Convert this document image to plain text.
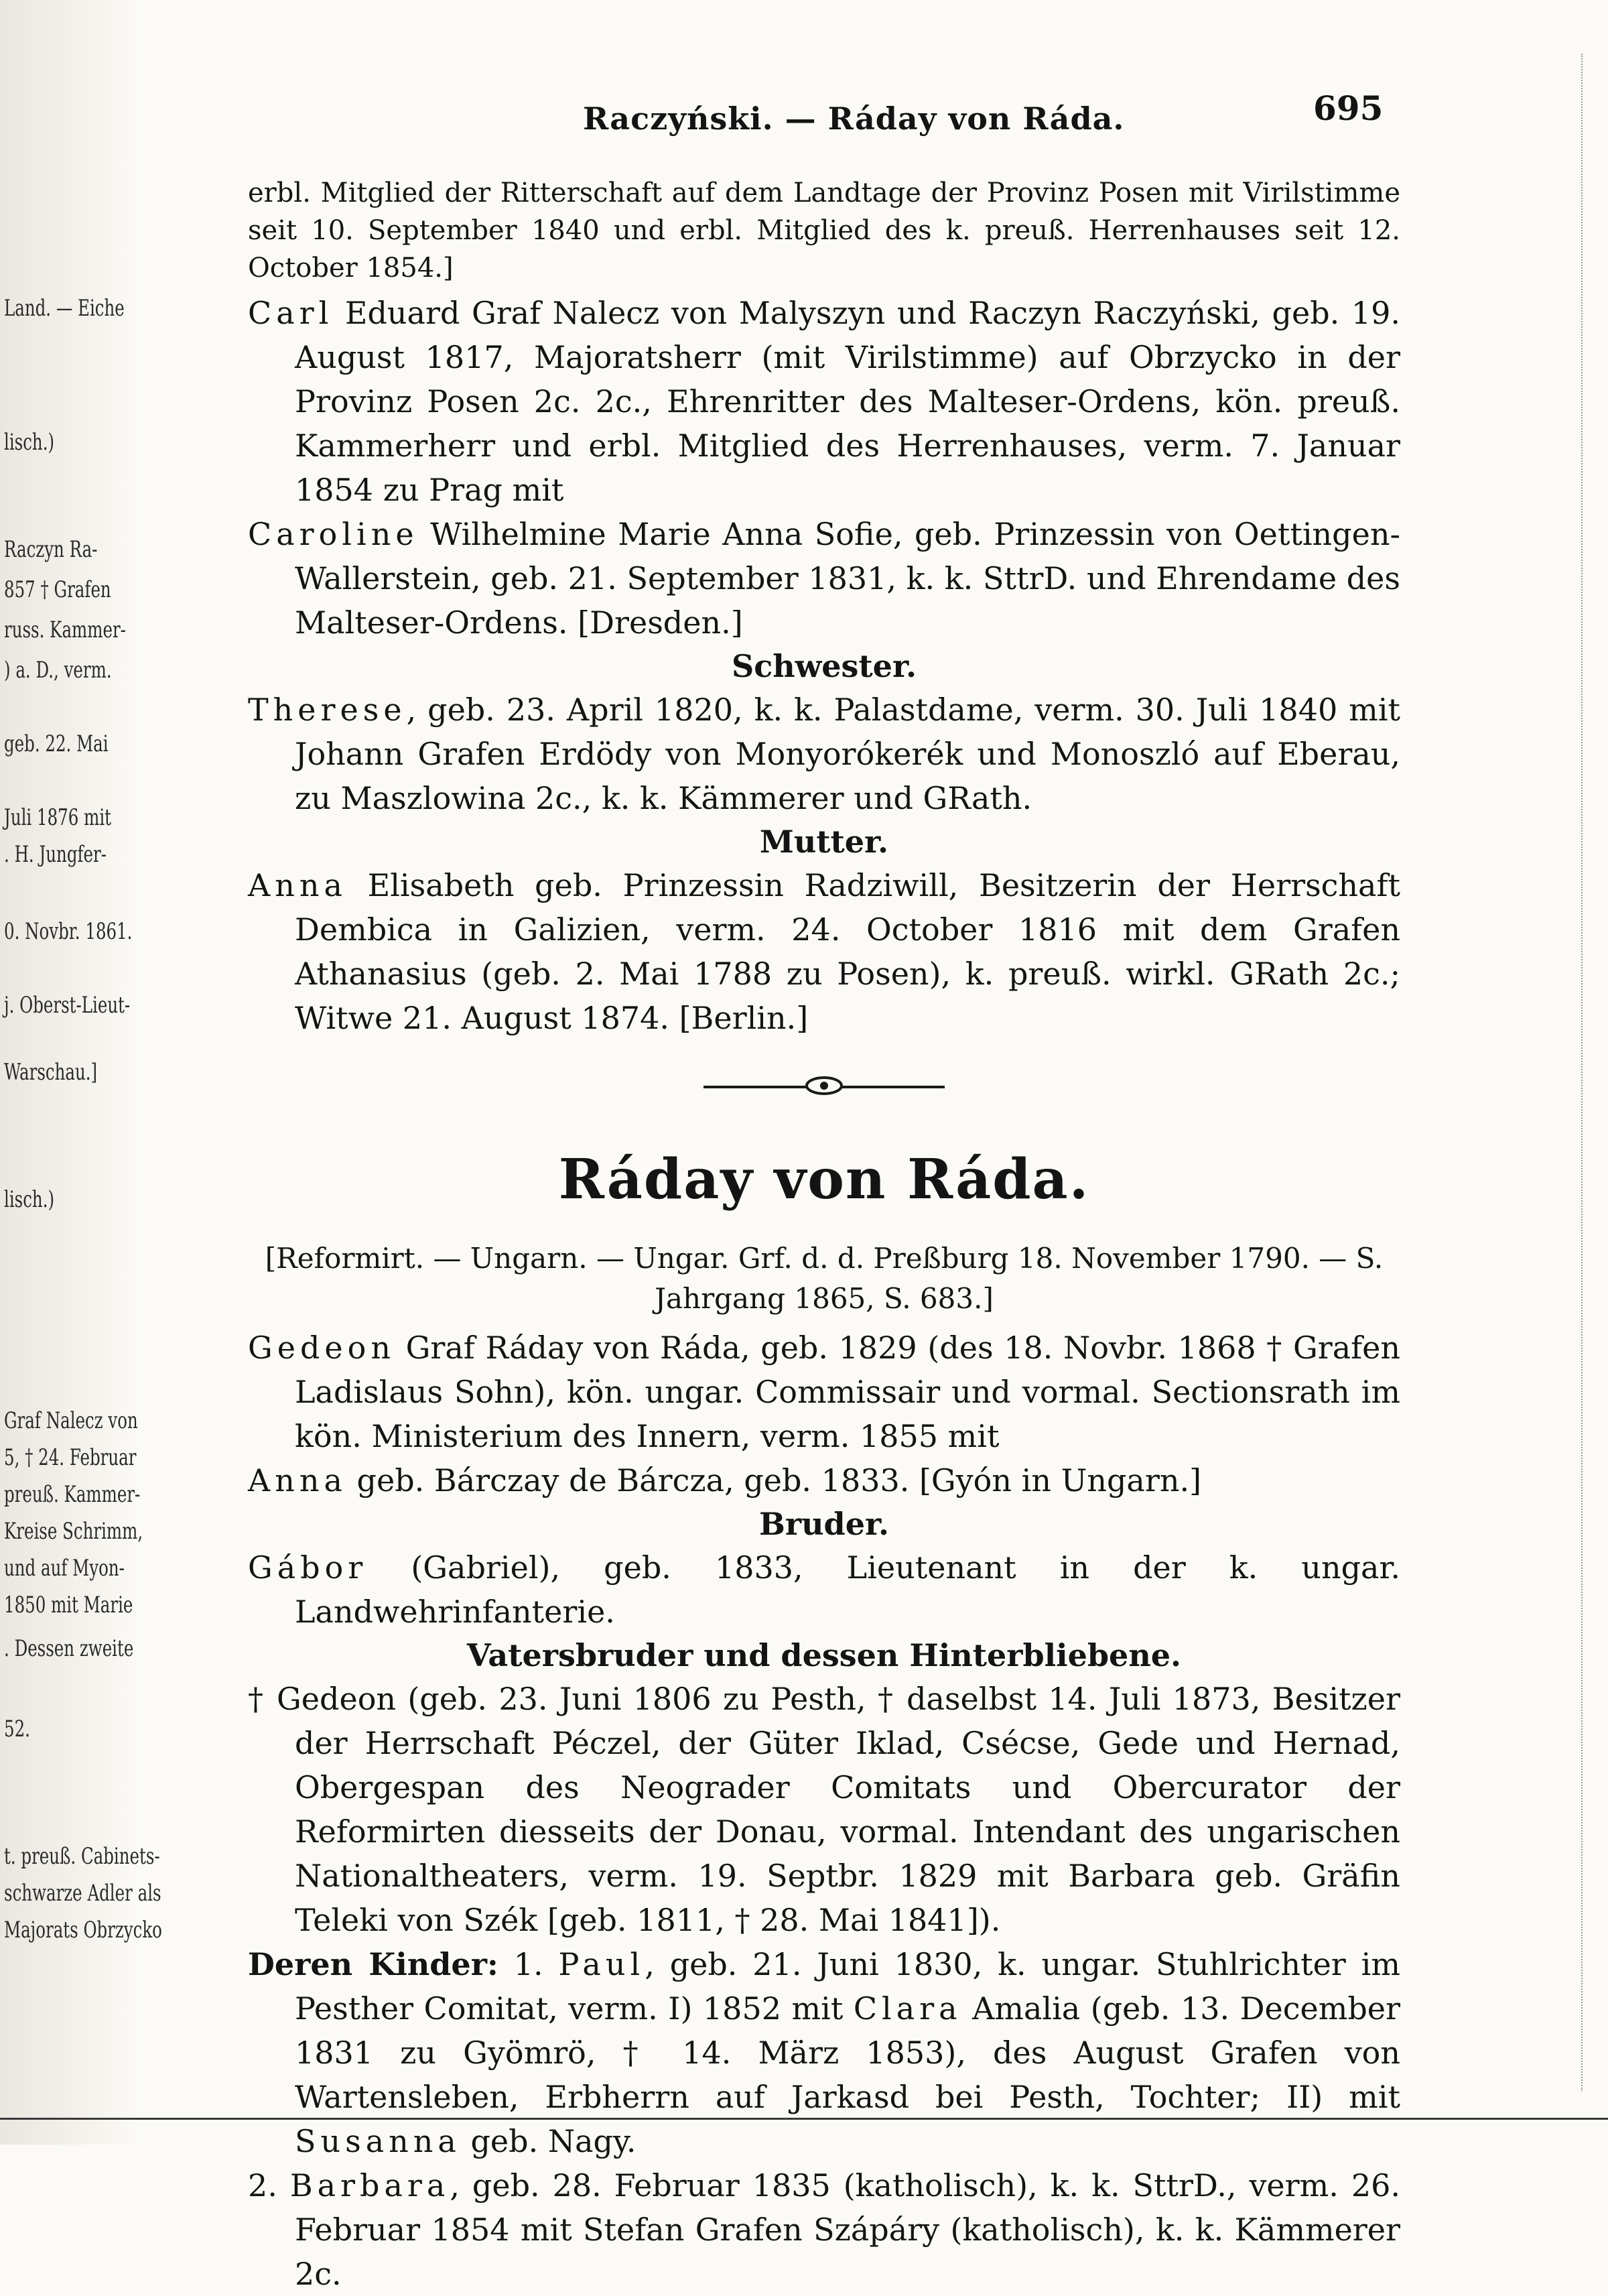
Land. — Eiche
lisch.)
Raczyn Ra-
857 † Grafen
russ. Kammer-
) a. D., verm.
geb. 22. Mai
Juli 1876 mit
. H. Jungfer-
0. Novbr. 1861.
j. Oberst-Lieut-
Warschau.]
lisch.)
Graf Nalecz von
5, † 24. Februar
preuß. Kammer-
Kreise Schrimm,
und auf Myon-
1850 mit Marie
. Dessen zweite
52.
t. preuß. Cabinets-
schwarze Adler als
Majorats Obrzycko
Raczyński. — Ráday von Ráda.	695

erbl. Mitglied der Ritterschaft auf dem Landtage der Provinz Posen mit Virilstimme seit 10. September 1840 und erbl. Mitglied des k. preuß. Herrenhauses seit 12. October 1854.]

Carl Eduard Graf Nalecz von Malyszyn und Raczyn Raczyński, geb. 19. August 1817, Majoratsherr (mit Virilstimme) auf Obrzycko in der Provinz Posen 2c. 2c., Ehrenritter des Malteser-Ordens, kön. preuß. Kammerherr und erbl. Mitglied des Herrenhauses, verm. 7. Januar 1854 zu Prag mit

Caroline Wilhelmine Marie Anna Sofie, geb. Prinzessin von Oettingen-Wallerstein, geb. 21. September 1831, k. k. SttrD. und Ehrendame des Malteser-Ordens. [Dresden.]

Schwester.

Therese, geb. 23. April 1820, k. k. Palastdame, verm. 30. Juli 1840 mit Johann Grafen Erdödy von Monyorókerék und Monoszló auf Eberau, zu Maszlowina 2c., k. k. Kämmerer und GRath.

Mutter.

Anna Elisabeth geb. Prinzessin Radziwill, Besitzerin der Herrschaft Dembica in Galizien, verm. 24. October 1816 mit dem Grafen Athanasius (geb. 2. Mai 1788 zu Posen), k. preuß. wirkl. GRath 2c.; Witwe 21. August 1874. [Berlin.]

Ráday von Ráda.

[Reformirt. — Ungarn. — Ungar. Grf. d. d. Preßburg 18. November 1790. — S. Jahrgang 1865, S. 683.]

Gedeon Graf Ráday von Ráda, geb. 1829 (des 18. Novbr. 1868 † Grafen Ladislaus Sohn), kön. ungar. Commissair und vormal. Sectionsrath im kön. Ministerium des Innern, verm. 1855 mit

Anna geb. Bárczay de Bárcza, geb. 1833. [Gyón in Ungarn.]

Bruder.

Gábor (Gabriel), geb. 1833, Lieutenant in der k. ungar. Landwehrinfanterie.

Vatersbruder und dessen Hinterbliebene.

† Gedeon (geb. 23. Juni 1806 zu Pesth, † daselbst 14. Juli 1873, Besitzer der Herrschaft Péczel, der Güter Iklad, Csécse, Gede und Hernad, Obergespan des Neograder Comitats und Obercurator der Reformirten diesseits der Donau, vormal. Intendant des ungarischen Nationaltheaters, verm. 19. Septbr. 1829 mit Barbara geb. Gräfin Teleki von Szék [geb. 1811, † 28. Mai 1841]).

Deren Kinder: 1. Paul, geb. 21. Juni 1830, k. ungar. Stuhlrichter im Pesther Comitat, verm. I) 1852 mit Clara Amalia (geb. 13. December 1831 zu Gyömrö, † 14. März 1853), des August Grafen von Wartensleben, Erbherrn auf Jarkasd bei Pesth, Tochter; II) mit Susanna geb. Nagy.

2. Barbara, geb. 28. Februar 1835 (katholisch), k. k. SttrD., verm. 26. Februar 1854 mit Stefan Grafen Szápáry (katholisch), k. k. Kämmerer 2c.
